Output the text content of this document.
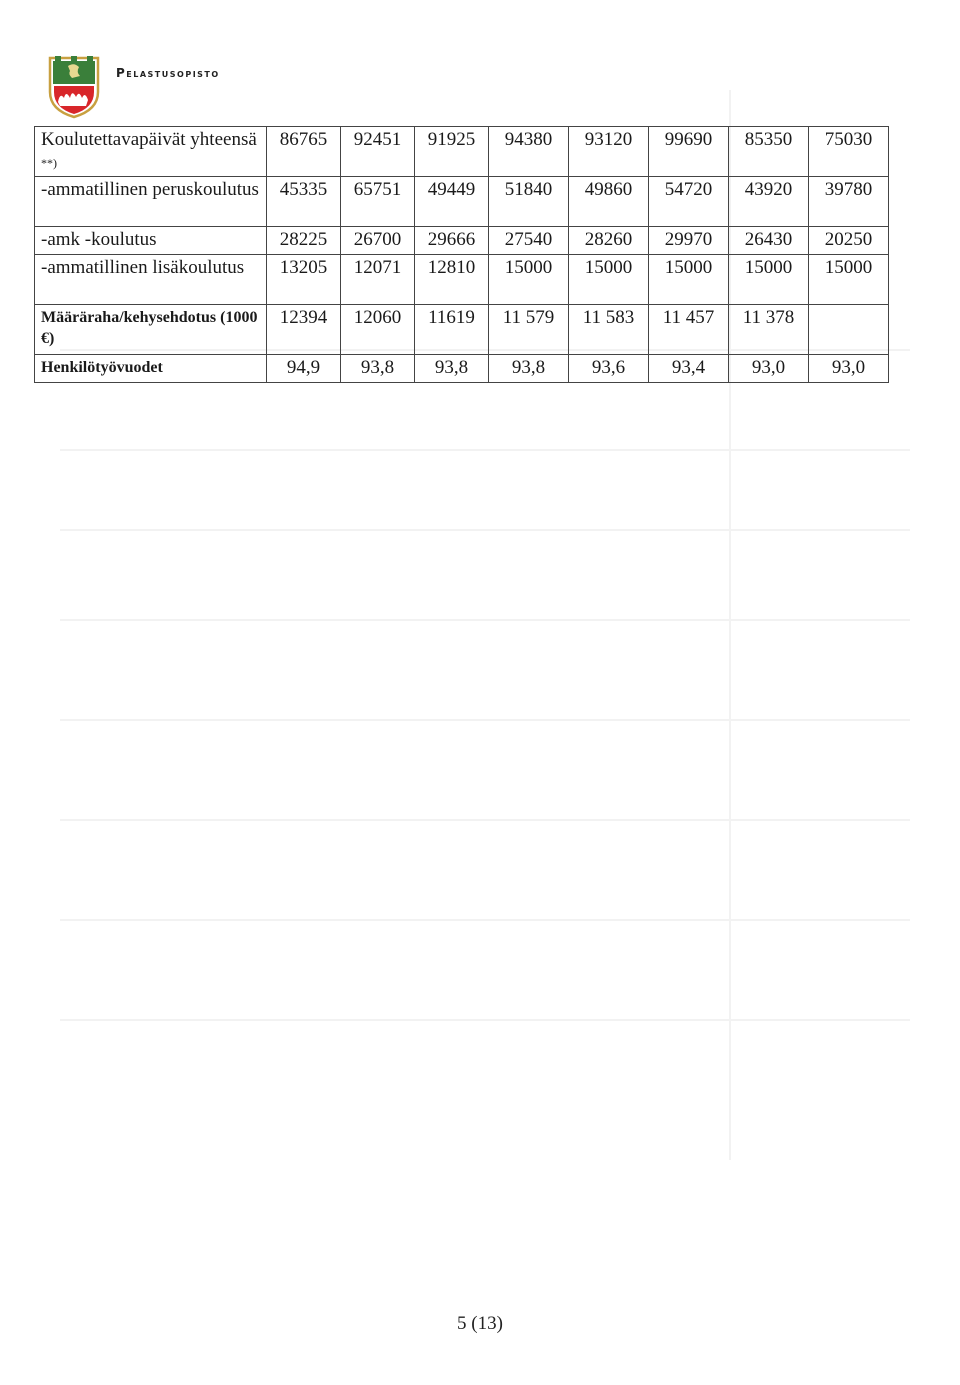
Pelastusopisto
Koulutettavapäivät yhteensä **)	86765	92451	91925	94380	93120	99690	85350	75030
-ammatillinen peruskoulutus	45335	65751	49449	51840	49860	54720	43920	39780
-amk -koulutus	28225	26700	29666	27540	28260	29970	26430	20250
-ammatillinen lisäkoulutus	13205	12071	12810	15000	15000	15000	15000	15000
Määräraha/kehysehdotus (1000 €)	12394	12060	11619	11 579	11 583	11 457	11 378	
Henkilötyövuodet	94,9	93,8	93,8	93,8	93,6	93,4	93,0	93,0
5 (13)
